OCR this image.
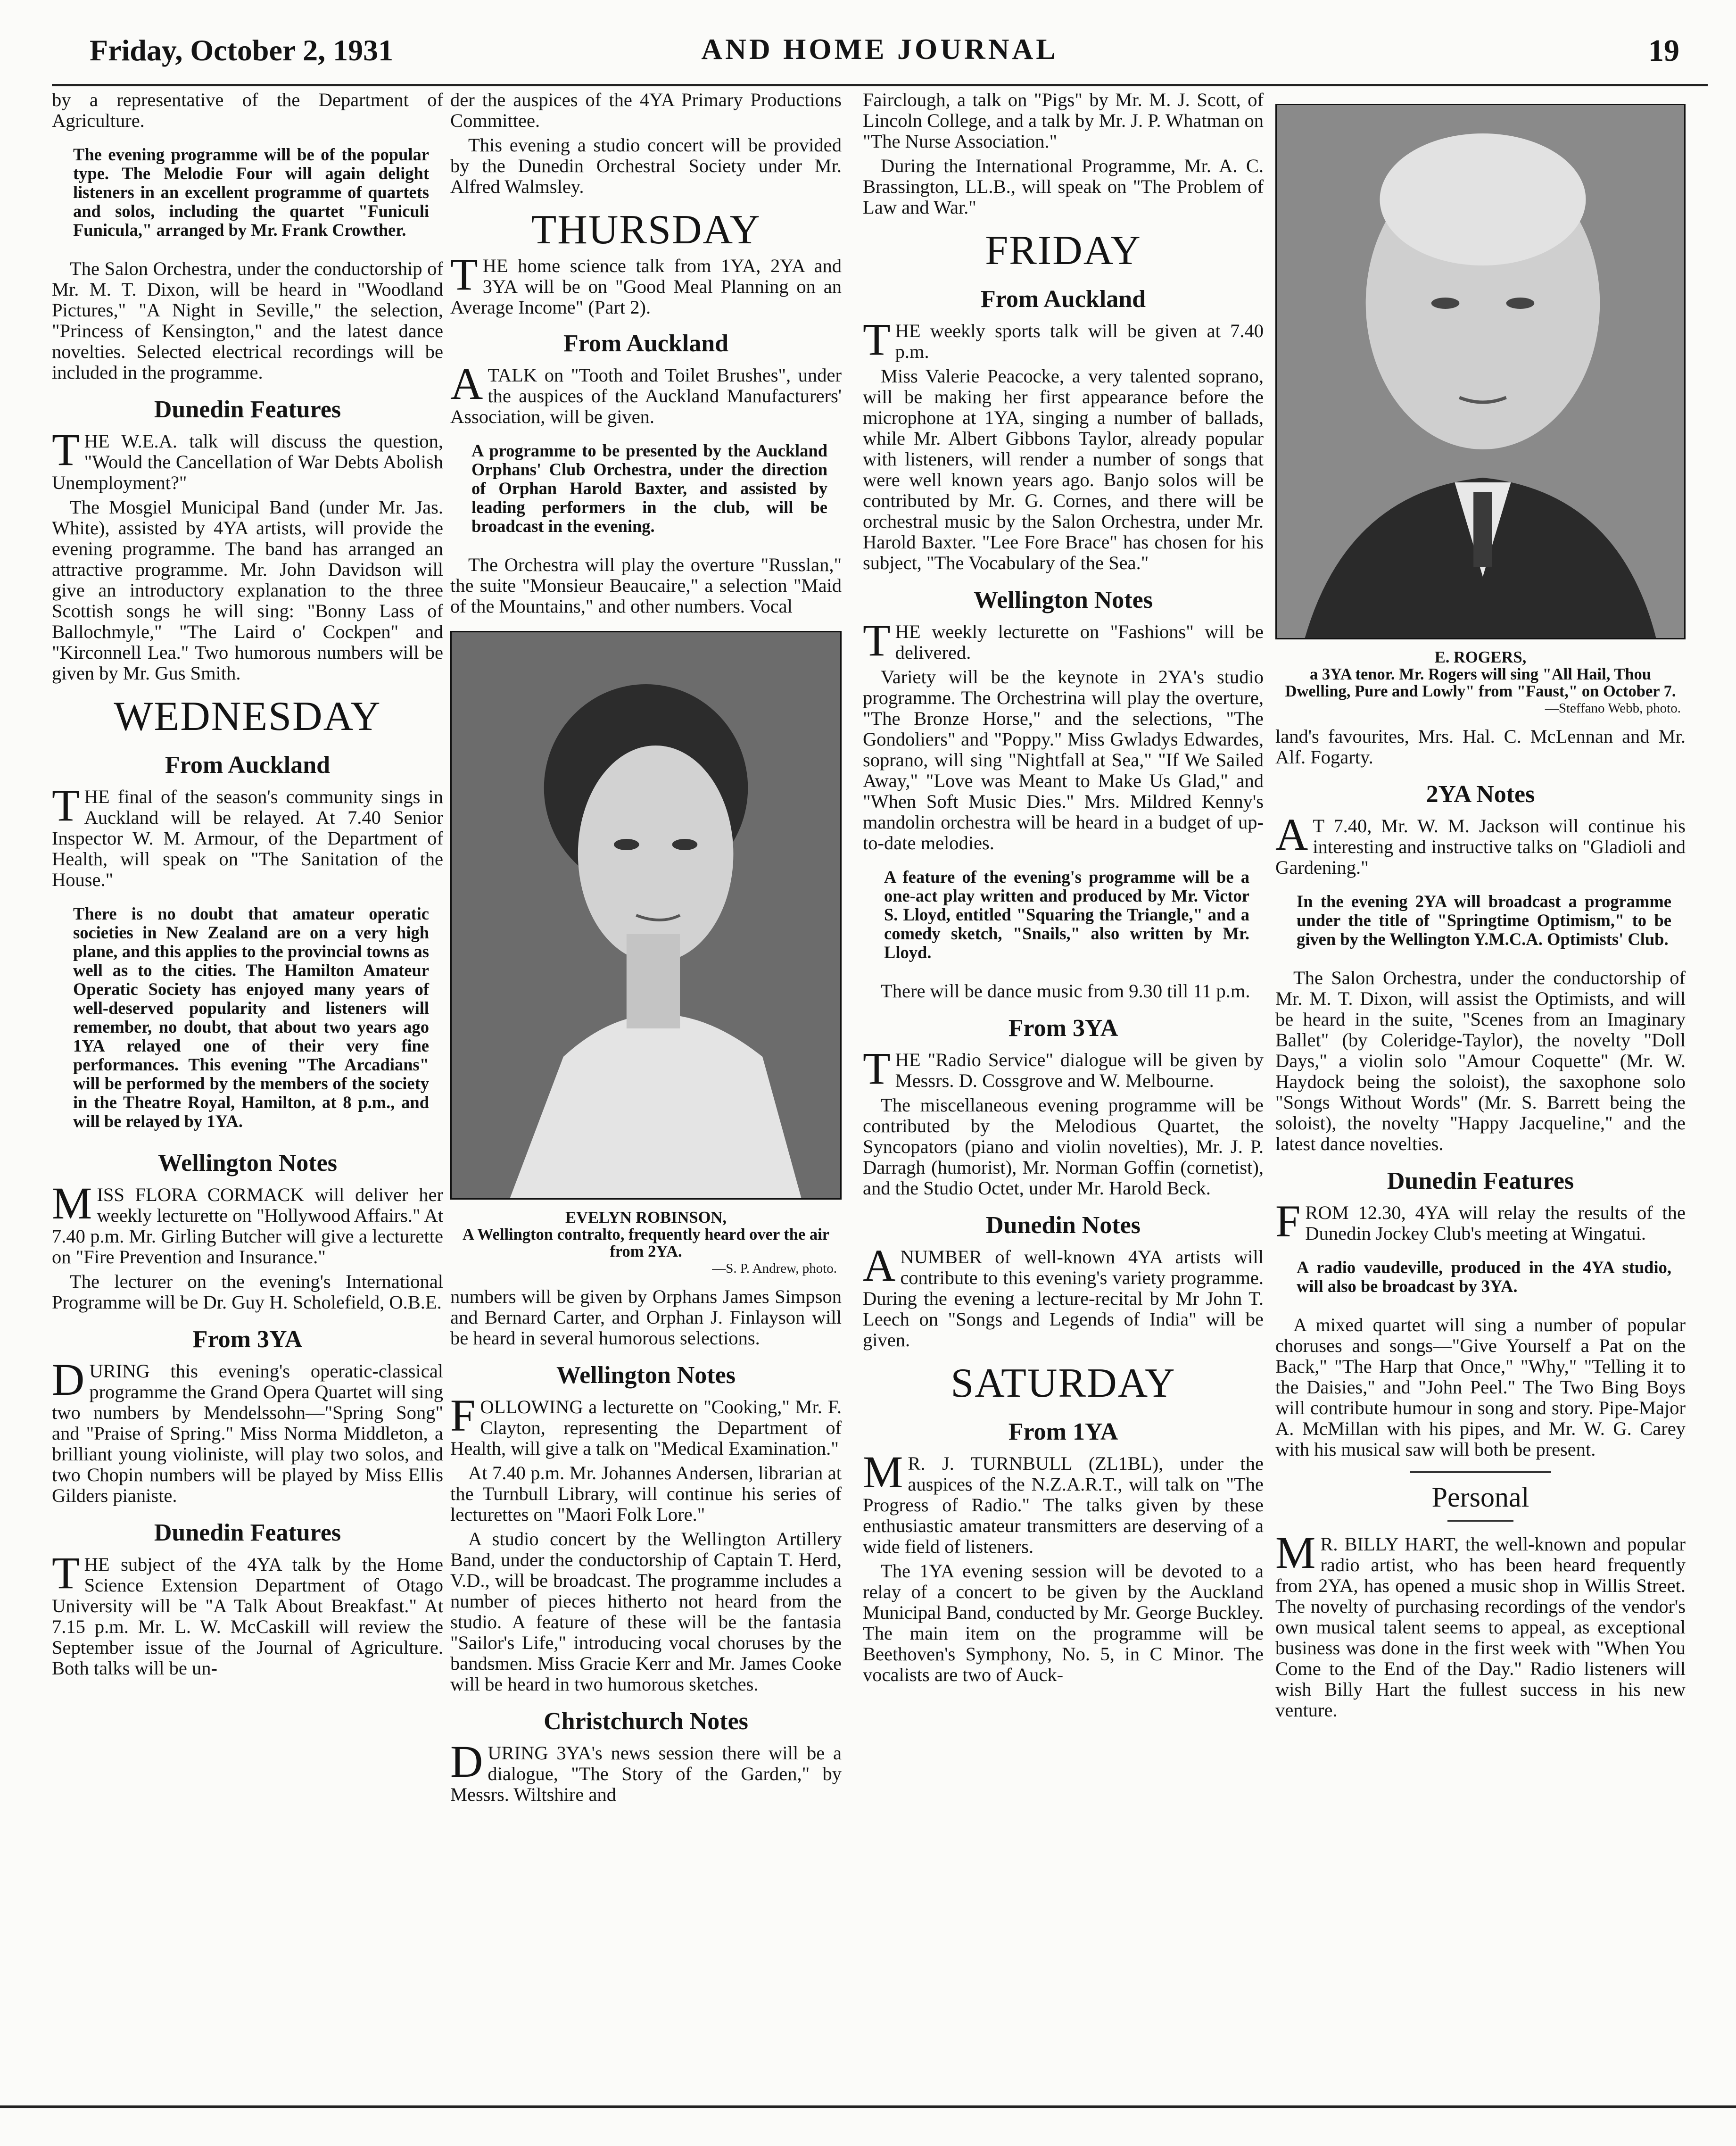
Friday, October 2, 1931	AND HOME JOURNAL	19

by a representative of the Department of Agriculture.

The evening programme will be of the popular type. The Melodie Four will again delight listeners in an excellent programme of quartets and solos, including the quartet "Funiculi Funicula," arranged by Mr. Frank Crowther.

The Salon Orchestra, under the conductorship of Mr. M. T. Dixon, will be heard in "Woodland Pictures," "A Night in Seville," the selection, "Princess of Kensington," and the latest dance novelties. Selected electrical recordings will be included in the programme.

Dunedin Features

THE W.E.A. talk will discuss the question, "Would the Cancellation of War Debts Abolish Unemployment?"

The Mosgiel Municipal Band (under Mr. Jas. White), assisted by 4YA artists, will provide the evening programme. The band has arranged an attractive programme. Mr. John Davidson will give an introductory explanation to the three Scottish songs he will sing: "Bonny Lass of Ballochmyle," "The Laird o' Cockpen" and "Kirconnell Lea." Two humorous numbers will be given by Mr. Gus Smith.

WEDNESDAY
From Auckland

THE final of the season's community sings in Auckland will be relayed. At 7.40 Senior Inspector W. M. Armour, of the Department of Health, will speak on "The Sanitation of the House."

There is no doubt that amateur operatic societies in New Zealand are on a very high plane, and this applies to the provincial towns as well as to the cities. The Hamilton Amateur Operatic Society has enjoyed many years of well-deserved popularity and listeners will remember, no doubt, that about two years ago 1YA relayed one of their very fine performances. This evening "The Arcadians" will be performed by the members of the society in the Theatre Royal, Hamilton, at 8 p.m., and will be relayed by 1YA.

Wellington Notes

MISS FLORA CORMACK will deliver her weekly lecturette on "Hollywood Affairs." At 7.40 p.m. Mr. Girling Butcher will give a lecturette on "Fire Prevention and Insurance."

The lecturer on the evening's International Programme will be Dr. Guy H. Scholefield, O.B.E.

From 3YA

DURING this evening's operatic-classical programme the Grand Opera Quartet will sing two numbers by Mendelssohn—"Spring Song" and "Praise of Spring." Miss Norma Middleton, a brilliant young violiniste, will play two solos, and two Chopin numbers will be played by Miss Ellis Gilders pianiste.

Dunedin Features

THE subject of the 4YA talk by the Home Science Extension Department of Otago University will be "A Talk About Breakfast." At 7.15 p.m. Mr. L. W. McCaskill will review the September issue of the Journal of Agriculture. Both talks will be un-

der the auspices of the 4YA Primary Productions Committee.

This evening a studio concert will be provided by the Dunedin Orchestral Society under Mr. Alfred Walmsley.

THURSDAY

THE home science talk from 1YA, 2YA and 3YA will be on "Good Meal Planning on an Average Income" (Part 2).

From Auckland

ATALK on "Tooth and Toilet Brushes", under the auspices of the Auckland Manufacturers' Association, will be given.

A programme to be presented by the Auckland Orphans' Club Orchestra, under the direction of Orphan Harold Baxter, and assisted by leading performers in the club, will be broadcast in the evening.

The Orchestra will play the overture "Russlan," the suite "Monsieur Beaucaire," a selection "Maid of the Mountains," and other numbers. Vocal

EVELYN ROBINSON,
A Wellington contralto, frequently heard over the air from 2YA.
—S. P. Andrew, photo.

numbers will be given by Orphans James Simpson and Bernard Carter, and Orphan J. Finlayson will be heard in several humorous selections.

Wellington Notes

FOLLOWING a lecturette on "Cooking," Mr. F. Clayton, representing the Department of Health, will give a talk on "Medical Examination."

At 7.40 p.m. Mr. Johannes Andersen, librarian at the Turnbull Library, will continue his series of lecturettes on "Maori Folk Lore."

A studio concert by the Wellington Artillery Band, under the conductorship of Captain T. Herd, V.D., will be broadcast. The programme includes a number of pieces hitherto not heard from the studio. A feature of these will be the fantasia "Sailor's Life," introducing vocal choruses by the bandsmen. Miss Gracie Kerr and Mr. James Cooke will be heard in two humorous sketches.

Christchurch Notes

DURING 3YA's news session there will be a dialogue, "The Story of the Garden," by Messrs. Wiltshire and

Fairclough, a talk on "Pigs" by Mr. M. J. Scott, of Lincoln College, and a talk by Mr. J. P. Whatman on "The Nurse Association."

During the International Programme, Mr. A. C. Brassington, LL.B., will speak on "The Problem of Law and War."

FRIDAY
From Auckland

THE weekly sports talk will be given at 7.40 p.m.

Miss Valerie Peacocke, a very talented soprano, will be making her first appearance before the microphone at 1YA, singing a number of ballads, while Mr. Albert Gibbons Taylor, already popular with listeners, will render a number of songs that were well known years ago. Banjo solos will be contributed by Mr. G. Cornes, and there will be orchestral music by the Salon Orchestra, under Mr. Harold Baxter. "Lee Fore Brace" has chosen for his subject, "The Vocabulary of the Sea."

Wellington Notes

THE weekly lecturette on "Fashions" will be delivered.

Variety will be the keynote in 2YA's studio programme. The Orchestrina will play the overture, "The Bronze Horse," and the selections, "The Gondoliers" and "Poppy." Miss Gwladys Edwardes, soprano, will sing "Nightfall at Sea," "If We Sailed Away," "Love was Meant to Make Us Glad," and "When Soft Music Dies." Mrs. Mildred Kenny's mandolin orchestra will be heard in a budget of up-to-date melodies.

A feature of the evening's programme will be a one-act play written and produced by Mr. Victor S. Lloyd, entitled "Squaring the Triangle," and a comedy sketch, "Snails," also written by Mr. Lloyd.

There will be dance music from 9.30 till 11 p.m.

From 3YA

THE "Radio Service" dialogue will be given by Messrs. D. Cossgrove and W. Melbourne.

The miscellaneous evening programme will be contributed by the Melodious Quartet, the Syncopators (piano and violin novelties), Mr. J. P. Darragh (humorist), Mr. Norman Goffin (cornetist), and the Studio Octet, under Mr. Harold Beck.

Dunedin Notes

ANUMBER of well-known 4YA artists will contribute to this evening's variety programme. During the evening a lecture-recital by Mr John T. Leech on "Songs and Legends of India" will be given.

SATURDAY
From 1YA

M R. J. TURNBULL (ZL1BL), under the auspices of the N.Z.A.R.T., will talk on "The Progress of Radio." The talks given by these enthusiastic amateur transmitters are deserving of a wide field of listeners.

The 1YA evening session will be devoted to a relay of a concert to be given by the Auckland Municipal Band, conducted by Mr. George Buckley. The main item on the programme will be Beethoven's Symphony, No. 5, in C Minor. The vocalists are two of Auck-

E. ROGERS,
a 3YA tenor. Mr. Rogers will sing "All Hail, Thou Dwelling, Pure and Lowly" from "Faust," on October 7.
—Steffano Webb, photo.

land's favourites, Mrs. Hal. C. McLennan and Mr. Alf. Fogarty.

2YA Notes

A T 7.40, Mr. W. M. Jackson will continue his interesting and instructive talks on "Gladioli and Gardening."

In the evening 2YA will broadcast a programme under the title of "Springtime Optimism," to be given by the Wellington Y.M.C.A. Optimists' Club.

The Salon Orchestra, under the conductorship of Mr. M. T. Dixon, will assist the Optimists, and will be heard in the suite, "Scenes from an Imaginary Ballet" (by Coleridge-Taylor), the novelty "Doll Days," a violin solo "Amour Coquette" (Mr. W. Haydock being the soloist), the saxophone solo "Songs Without Words" (Mr. S. Barrett being the soloist), the novelty "Happy Jacqueline," and the latest dance novelties.

Dunedin Features

FROM 12.30, 4YA will relay the results of the Dunedin Jockey Club's meeting at Wingatui.

A radio vaudeville, produced in the 4YA studio, will also be broadcast by 3YA.

A mixed quartet will sing a number of popular choruses and songs—"Give Yourself a Pat on the Back," "The Harp that Once," "Why," "Telling it to the Daisies," and "John Peel." The Two Bing Boys will contribute humour in song and story. Pipe-Major A. McMillan with his pipes, and Mr. W. G. Carey with his musical saw will both be present.

Personal

M R. BILLY HART, the well-known and popular radio artist, who has been heard frequently from 2YA, has opened a music shop in Willis Street. The novelty of purchasing recordings of the vendor's own musical talent seems to appeal, as exceptional business was done in the first week with "When You Come to the End of the Day." Radio listeners will wish Billy Hart the fullest success in his new venture.
